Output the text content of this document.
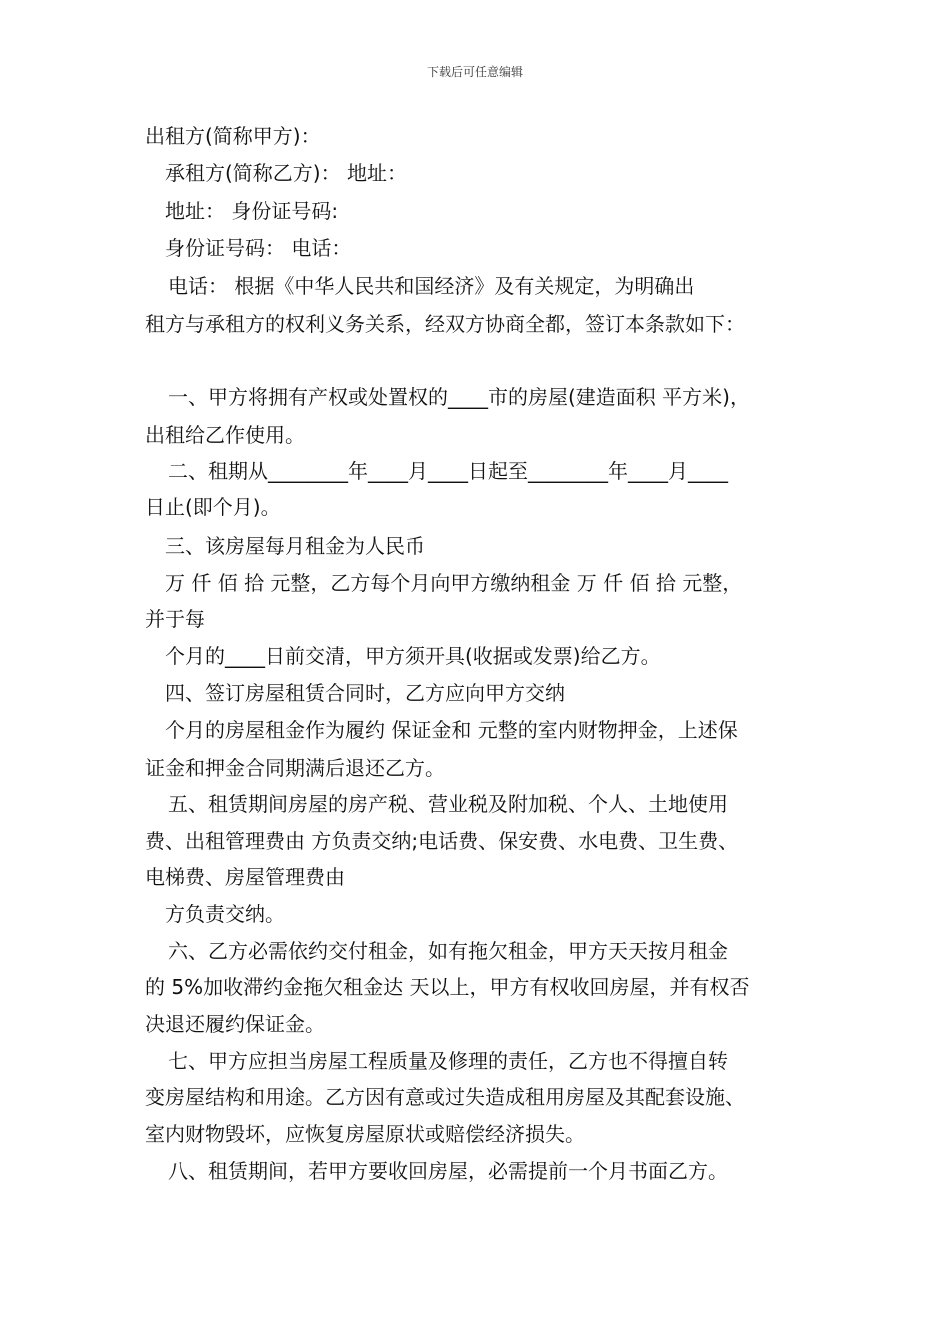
下载后可任意编辑
出租方(简称甲方)：
承租方(简称乙方)： 地址：
地址： 身份证号码:
身份证号码： 电话：
电话： 根据《中华人民共和国经济》及有关规定，为明确出
租方与承租方的权利义务关系，经双方协商全都，签订本条款如下：
一、甲方将拥有产权或处置权的____市的房屋(建造面积 平方米)，
出租给乙作使用。
二、租期从________年____月____日起至________年____月____
日止(即个月)。
三、该房屋每月租金为人民币
万 仟 佰 拾 元整，乙方每个月向甲方缴纳租金 万 仟 佰 拾 元整，
并于每
个月的____日前交清，甲方须开具(收据或发票)给乙方。
四、签订房屋租赁合同时，乙方应向甲方交纳
个月的房屋租金作为履约 保证金和 元整的室内财物押金，上述保
证金和押金合同期满后退还乙方。
五、租赁期间房屋的房产税、营业税及附加税、个人、土地使用
费、出租管理费由 方负责交纳;电话费、保安费、水电费、卫生费、
电梯费、房屋管理费由
方负责交纳。
六、乙方必需依约交付租金，如有拖欠租金，甲方天天按月租金
的 5%加收滞约金拖欠租金达 天以上，甲方有权收回房屋，并有权否
决退还履约保证金。
七、甲方应担当房屋工程质量及修理的责任，乙方也不得擅自转
变房屋结构和用途。乙方因有意或过失造成租用房屋及其配套设施、
室内财物毁坏，应恢复房屋原状或赔偿经济损失。
八、租赁期间，若甲方要收回房屋，必需提前一个月书面乙方。
